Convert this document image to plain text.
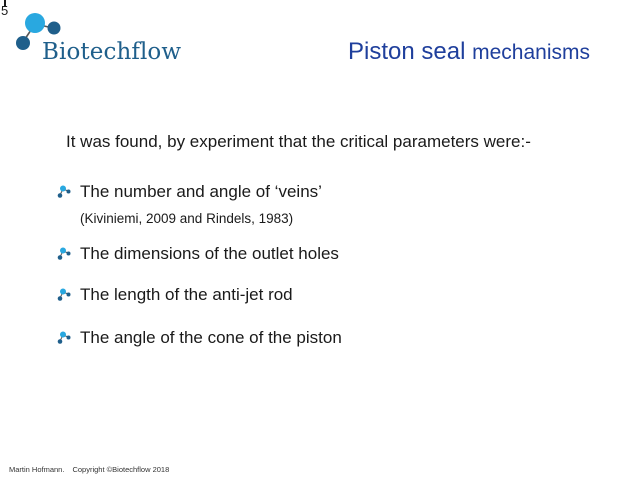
5
Biotechflow	Piston seal mechanisms
It was found, by experiment that the critical parameters were:-
The number and angle of ‘veins’
(Kiviniemi, 2009 and Rindels, 1983)
The dimensions of the outlet holes
The length of the anti-jet rod
The angle of the cone of the piston
Martin Hofmann. Copyright ©Biotechflow 2018
